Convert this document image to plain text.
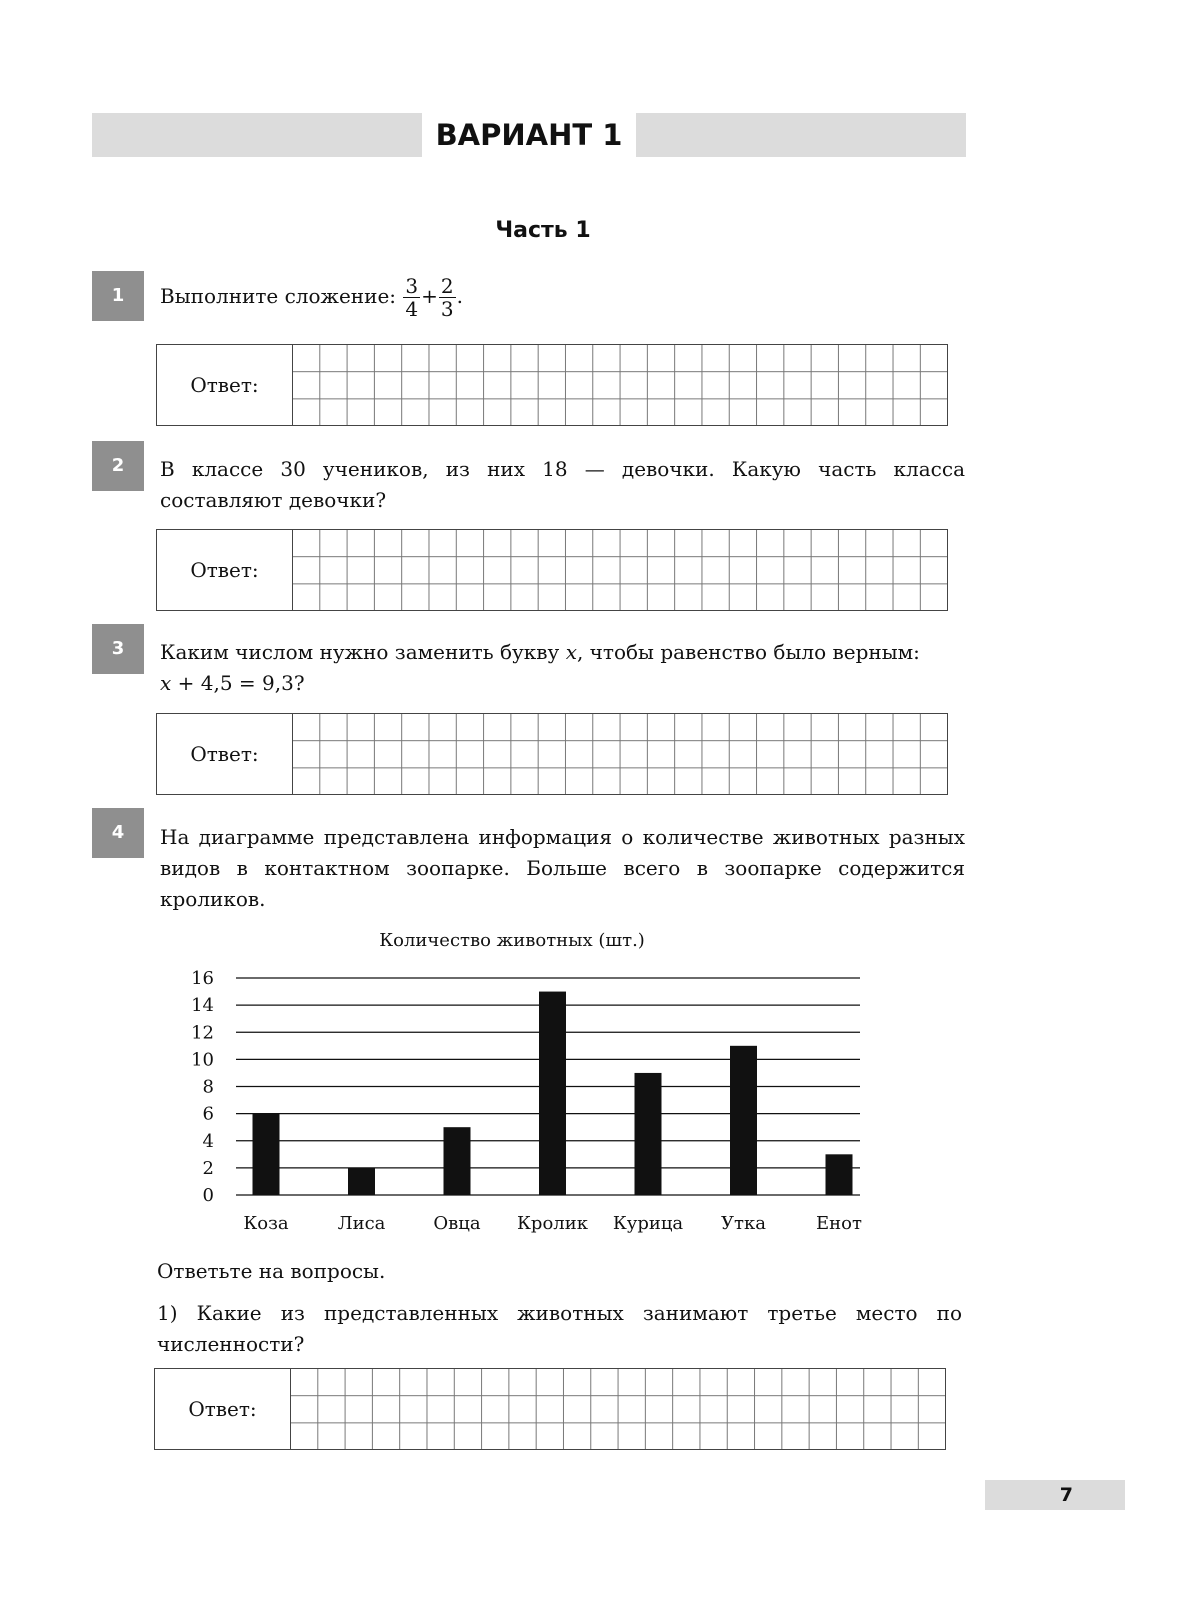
ВАРИАНТ 1
Часть 1
1	Выполните сложение: $\frac{3}{4} + \frac{2}{3}$ .
Ответ:
2	В классе 30 учеников, из них 18 — девочки. Какую часть класса составляют девочки?
Ответ:
3	Каким числом нужно заменить букву x, чтобы равенство было верным:
x + 4,5 = 9,3?
Ответ:
4	На диаграмме представлена информация о количестве животных разных видов в контактном зоопарке. Больше всего в зоопарке содержится кроликов.
Количество животных (шт.)
0
2
4
6
8
10
12
14
16
Коза	Лиса	Овца Кролик Курица Утка	Енот
Ответьте на вопросы.
1) Какие из представленных животных занимают третье место по численности?
Ответ:
7
